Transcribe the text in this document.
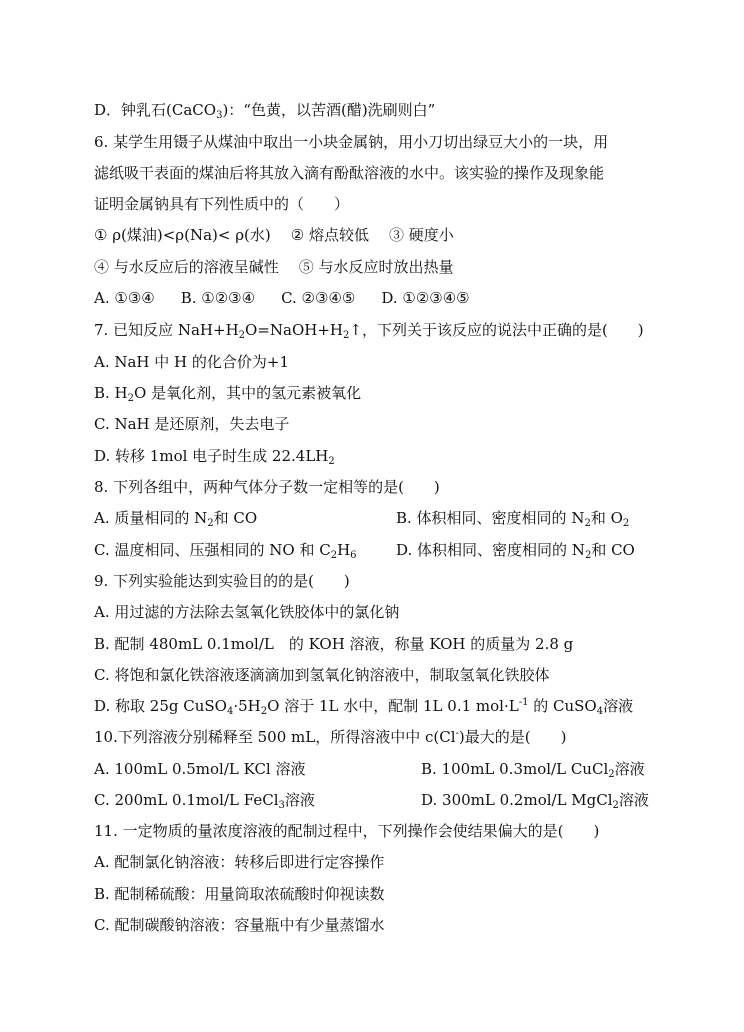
D．钟乳石(CaCO$_3$)：“色黄，以苦酒(醋)洗刷则白”
6. 某学生用镊子从煤油中取出一小块金属钠，用小刀切出绿豆大小的一块，用
滤纸吸干表面的煤油后将其放入滴有酚酞溶液的水中。该实验的操作及现象能
证明金属钠具有下列性质中的（　　）
① ρ(煤油)<ρ(Na)< ρ(水) ② 熔点较低 ③ 硬度小
④ 与水反应后的溶液呈碱性 ⑤ 与水反应时放出热量
A. ①③④ B. ①②③④ C. ②③④⑤ D. ①②③④⑤
7. 已知反应 $NaH+H_2O=NaOH+H_2↑$，下列关于该反应的说法中正确的是(　　)
A. NaH 中 H 的化合价为+1
B. $H_2O$ 是氧化剂，其中的氢元素被氧化
C. NaH 是还原剂，失去电子
D. 转移 1mol 电子时生成 $22.4LH_2$
8. 下列各组中，两种气体分子数一定相等的是(　　)
A. 质量相同的 $N_2$和 CO	B. 体积相同、密度相同的 $N_2$和 $O_2$
C. 温度相同、压强相同的 NO 和 $C_2H_6$	D. 体积相同、密度相同的 $N_2$和 CO
9. 下列实验能达到实验目的的是(　　)
A. 用过滤的方法除去氢氧化铁胶体中的氯化钠
B. 配制 480mL 0.1mol/L　的 KOH 溶液，称量 KOH 的质量为 2.8 g
C. 将饱和氯化铁溶液逐滴滴加到氢氧化钠溶液中，制取氢氧化铁胶体
D. 称取 25g $CuSO_4\cdot 5H_2O$ 溶于 1L 水中，配制 1L 0.1 $mol\cdot L^{-1}$ 的 CuSO$_4$溶液
10.下列溶液分别稀释至 500 mL，所得溶液中中 c(Cl-)最大的是(　　)
A. 100mL 0.5mol/L KCl 溶液	B. 100mL 0.3mol/L CuCl$_2$溶液
C. 200mL 0.1mol/L FeCl$_3$溶液	D. 300mL 0.2mol/L MgCl$_2$溶液
11. 一定物质的量浓度溶液的配制过程中，下列操作会使结果偏大的是(　　)
A. 配制氯化钠溶液：转移后即进行定容操作
B. 配制稀硫酸：用量筒取浓硫酸时仰视读数
C. 配制碳酸钠溶液：容量瓶中有少量蒸馏水
